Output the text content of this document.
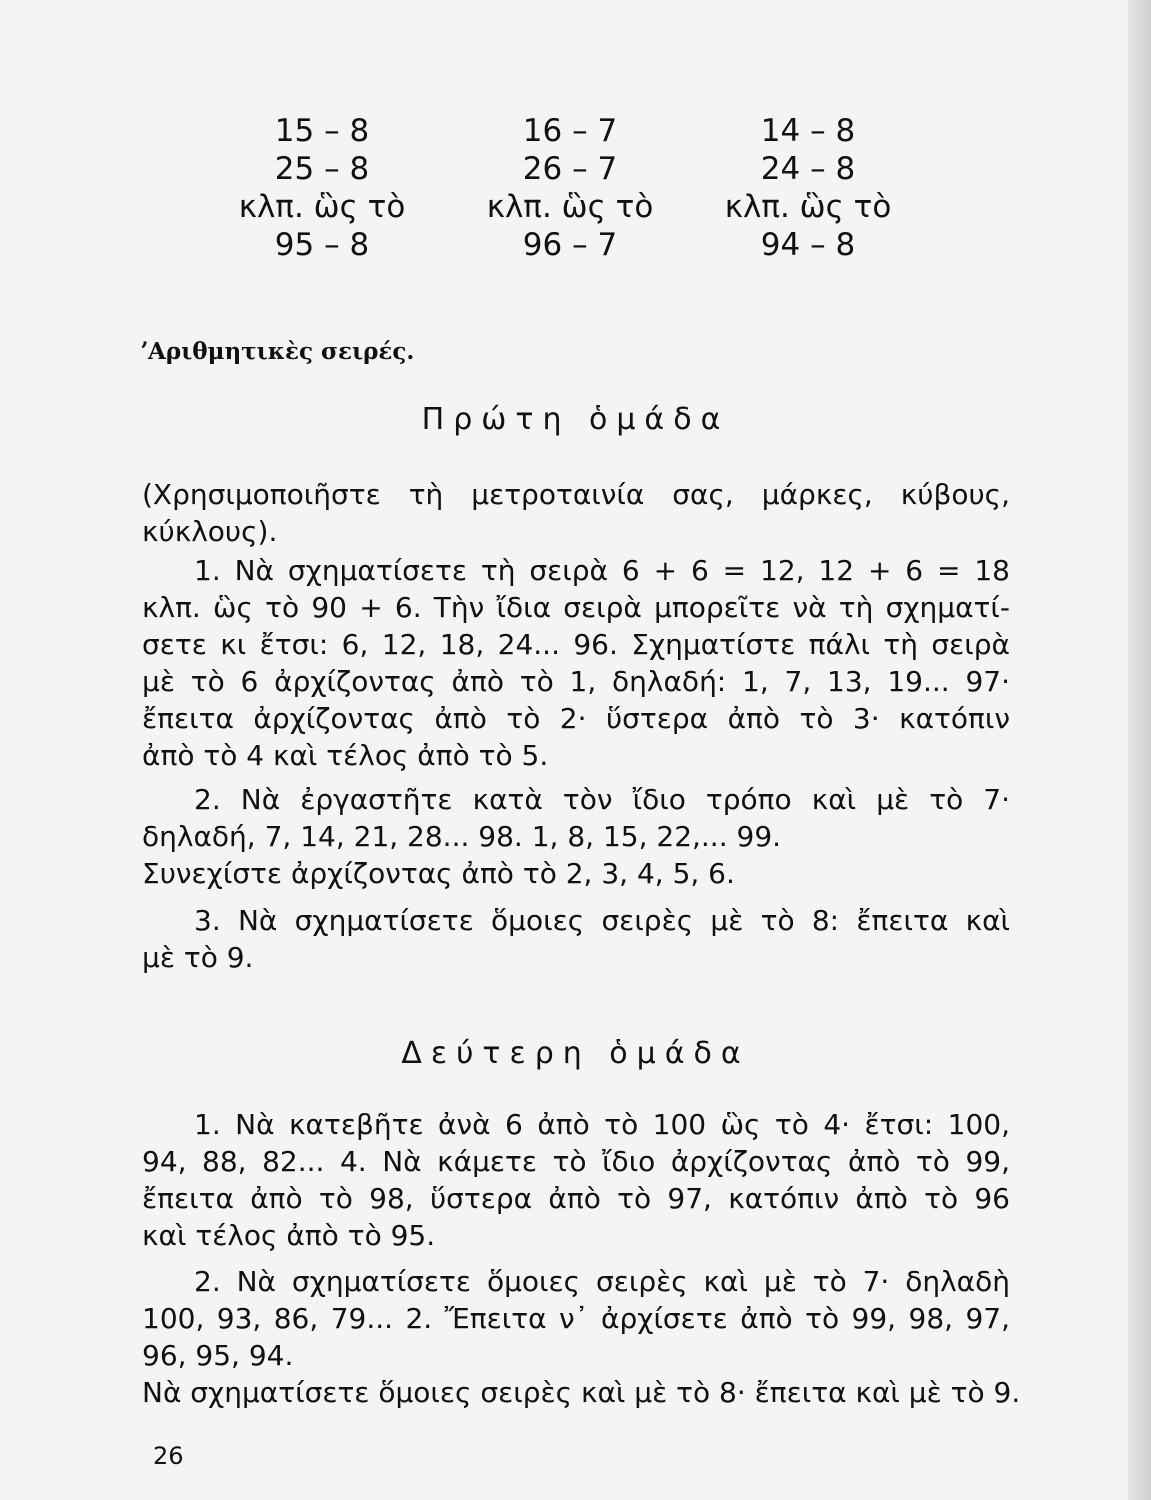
15 – 8
25 – 8
κλπ. ὣς τὸ
95 – 8
16 – 7
26 – 7
κλπ. ὣς τὸ
96 – 7
14 – 8
24 – 8
κλπ. ὣς τὸ
94 – 8
ʼΑριθμητικὲς σειρές.
Πρώτη ὁμάδα
(Χρησιμοποιῆστε τὴ μετροταινία σας, μάρκες, κύβους,
κύκλους).
1. Νὰ σχηματίσετε τὴ σειρὰ 6 + 6 = 12, 12 + 6 = 18
κλπ. ὣς τὸ 90 + 6. Τὴν ἴδια σειρὰ μπορεῖτε νὰ τὴ σχηματί-
σετε κι ἔτσι: 6, 12, 18, 24... 96. Σχηματίστε πάλι τὴ σειρὰ
μὲ τὸ 6 ἀρχίζοντας ἀπὸ τὸ 1, δηλαδή: 1, 7, 13, 19... 97·
ἔπειτα ἀρχίζοντας ἀπὸ τὸ 2· ὕστερα ἀπὸ τὸ 3· κατόπιν
ἀπὸ τὸ 4 καὶ τέλος ἀπὸ τὸ 5.
2. Νὰ ἐργαστῆτε κατὰ τὸν ἴδιο τρόπο καὶ μὲ τὸ 7·
δηλαδή, 7, 14, 21, 28... 98. 1, 8, 15, 22,... 99.
Συνεχίστε ἀρχίζοντας ἀπὸ τὸ 2, 3, 4, 5, 6.
3. Νὰ σχηματίσετε ὅμοιες σειρὲς μὲ τὸ 8: ἔπειτα καὶ
μὲ τὸ 9.
Δεύτερη ὁμάδα
1. Νὰ κατεβῆτε ἀνὰ 6 ἀπὸ τὸ 100 ὣς τὸ 4· ἔτσι: 100,
94, 88, 82... 4. Νὰ κάμετε τὸ ἴδιο ἀρχίζοντας ἀπὸ τὸ 99,
ἔπειτα ἀπὸ τὸ 98, ὕστερα ἀπὸ τὸ 97, κατόπιν ἀπὸ τὸ 96
καὶ τέλος ἀπὸ τὸ 95.
2. Νὰ σχηματίσετε ὅμοιες σειρὲς καὶ μὲ τὸ 7· δηλαδὴ
100, 93, 86, 79... 2. Ἔπειτα ν᾽ ἀρχίσετε ἀπὸ τὸ 99, 98, 97,
96, 95, 94.
Νὰ σχηματίσετε ὅμοιες σειρὲς καὶ μὲ τὸ 8· ἔπειτα καὶ μὲ τὸ 9.
26
